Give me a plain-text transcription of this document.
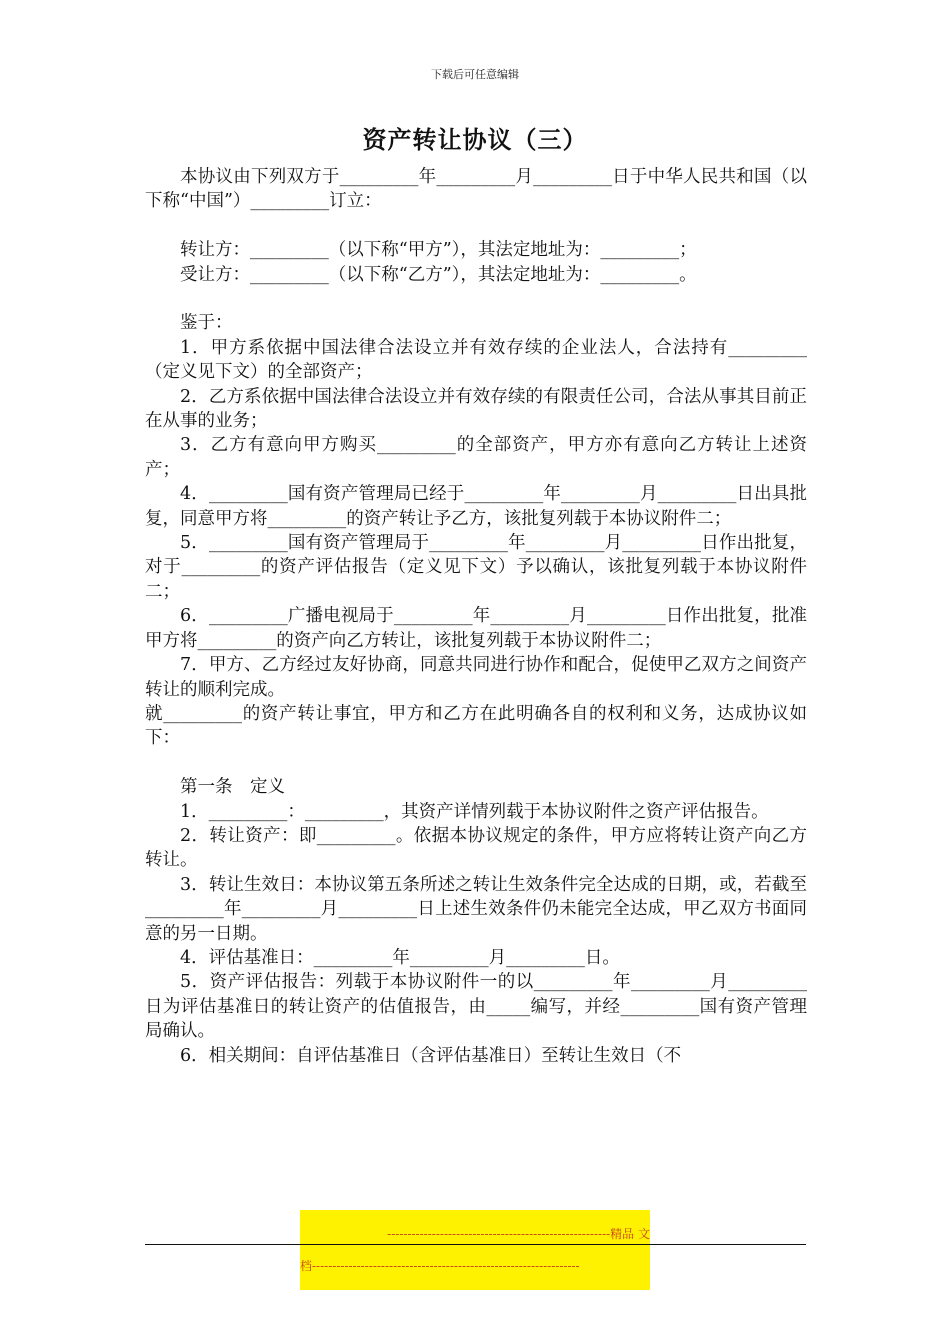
下载后可任意编辑
资产转让协议（三）

本协议由下列双方于_________年_________月_________日于中华人民共和国（以下称“中国”）_________订立：

转让方：_________（以下称“甲方”），其法定地址为：_________；

受让方：_________（以下称“乙方”），其法定地址为：_________。

鉴于：

1．甲方系依据中国法律合法设立并有效存续的企业法人，合法持有_________（定义见下文）的全部资产；

2．乙方系依据中国法律合法设立并有效存续的有限责任公司，合法从事其目前正在从事的业务；

3．乙方有意向甲方购买_________的全部资产，甲方亦有意向乙方转让上述资产；

4．_________国有资产管理局已经于_________年_________月_________日出具批复，同意甲方将_________的资产转让予乙方，该批复列载于本协议附件二；

5．_________国有资产管理局于_________年_________月_________日作出批复，对于_________的资产评估报告（定义见下文）予以确认，该批复列载于本协议附件二；

6．_________广播电视局于_________年_________月_________日作出批复，批准甲方将_________的资产向乙方转让，该批复列载于本协议附件二；

7．甲方、乙方经过友好协商，同意共同进行协作和配合，促使甲乙双方之间资产转让的顺利完成。

就_________的资产转让事宜，甲方和乙方在此明确各自的权利和义务，达成协议如下：

第一条　定义

1．_________：_________，其资产详情列载于本协议附件之资产评估报告。

2．转让资产：即_________。依据本协议规定的条件，甲方应将转让资产向乙方转让。

3．转让生效日：本协议第五条所述之转让生效条件完全达成的日期，或，若截至_________年_________月_________日上述生效条件仍未能完全达成，甲乙双方书面同意的另一日期。

4．评估基准日：_________年_________月_________日。

5．资产评估报告：列载于本协议附件一的以_________年_________月_________日为评估基准日的转让资产的估值报告，由_____编写，并经_________国有资产管理局确认。

6．相关期间：自评估基准日（含评估基准日）至转让生效日（不

-------------------------------------------------------精品 文

档------------------------------------------------------------------
